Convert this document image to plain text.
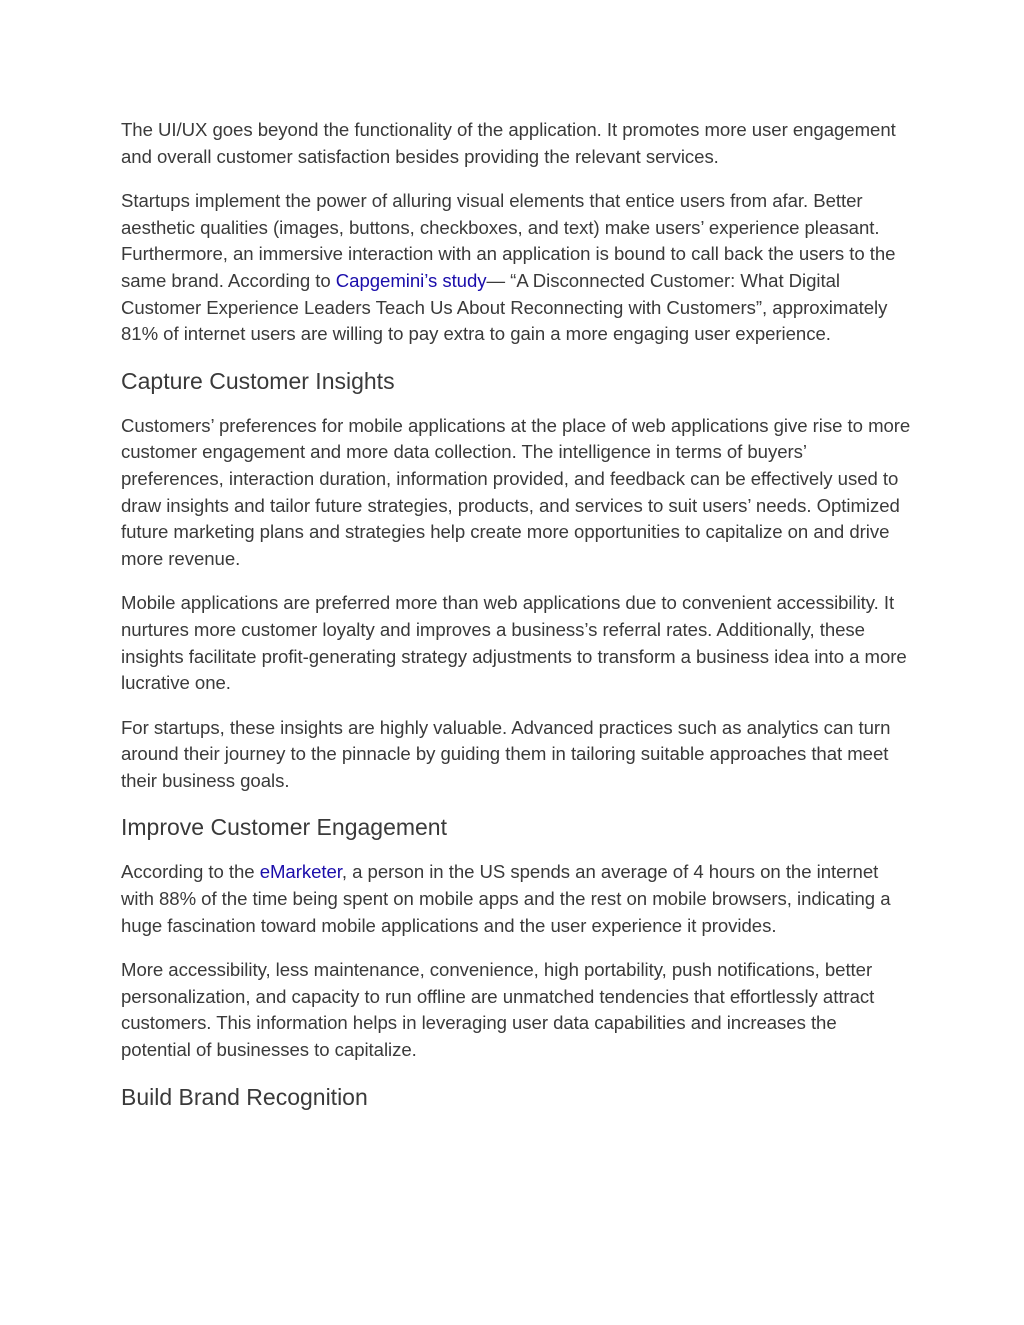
The UI/UX goes beyond the functionality of the application. It promotes more user engagement and overall customer satisfaction besides providing the relevant services.

Startups implement the power of alluring visual elements that entice users from afar. Better aesthetic qualities (images, buttons, checkboxes, and text) make users’ experience pleasant. Furthermore, an immersive interaction with an application is bound to call back the users to the same brand. According to Capgemini’s study— “A Disconnected Customer: What Digital Customer Experience Leaders Teach Us About Reconnecting with Customers”, approximately 81% of internet users are willing to pay extra to gain a more engaging user experience.

Capture Customer Insights

Customers’ preferences for mobile applications at the place of web applications give rise to more customer engagement and more data collection. The intelligence in terms of buyers’ preferences, interaction duration, information provided, and feedback can be effectively used to draw insights and tailor future strategies, products, and services to suit users’ needs. Optimized future marketing plans and strategies help create more opportunities to capitalize on and drive more revenue.

Mobile applications are preferred more than web applications due to convenient accessibility. It nurtures more customer loyalty and improves a business’s referral rates. Additionally, these insights facilitate profit-generating strategy adjustments to transform a business idea into a more lucrative one.

For startups, these insights are highly valuable. Advanced practices such as analytics can turn around their journey to the pinnacle by guiding them in tailoring suitable approaches that meet their business goals.

Improve Customer Engagement

According to the eMarketer, a person in the US spends an average of 4 hours on the internet with 88% of the time being spent on mobile apps and the rest on mobile browsers, indicating a huge fascination toward mobile applications and the user experience it provides.

More accessibility, less maintenance, convenience, high portability, push notifications, better personalization, and capacity to run offline are unmatched tendencies that effortlessly attract customers. This information helps in leveraging user data capabilities and increases the potential of businesses to capitalize.

Build Brand Recognition
